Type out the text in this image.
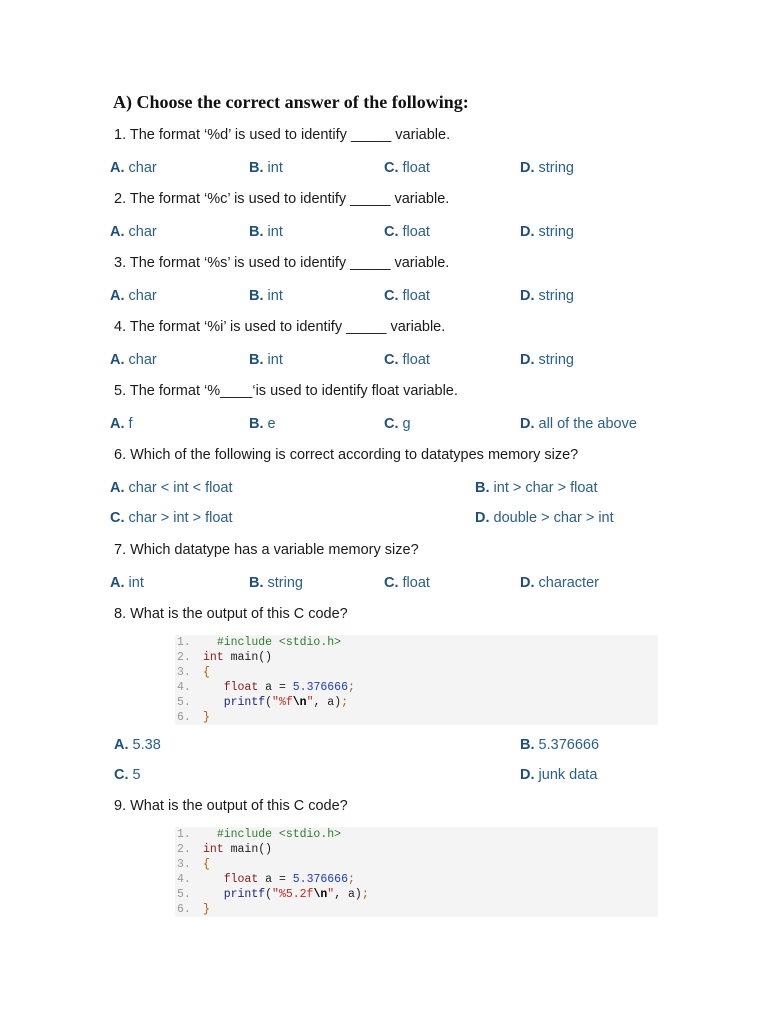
A) Choose the correct answer of the following:
1. The format ‘%d’ is used to identify _____ variable.
A. char	B. int	C. float	D. string
2. The format ‘%c’ is used to identify _____ variable.
A. char	B. int	C. float	D. string
3. The format ‘%s’ is used to identify _____ variable.
A. char	B. int	C. float	D. string
4. The format ‘%i’ is used to identify _____ variable.
A. char	B. int	C. float	D. string
5. The format ‘%____‘is used to identify float variable.
A. f	B. e	C. g	D. all of the above
6. Which of the following is correct according to datatypes memory size?
A. char < int < float	B. int > char > float
C. char > int > float	D. double > char > int
7. Which datatype has a variable memory size?
A. int	B. string	C. float	D. character
8. What is the output of this C code?
1. #include <stdio.h>
2. int main()
3. {
4.	float a = 5.376666;
5.	printf("%f\n", a);
6. }
A. 5.38	B. 5.376666
C. 5	D. junk data
9. What is the output of this C code?
1. #include <stdio.h>
2. int main()
3. {
4.	float a = 5.376666;
5.	printf("%5.2f\n", a);
6. }
